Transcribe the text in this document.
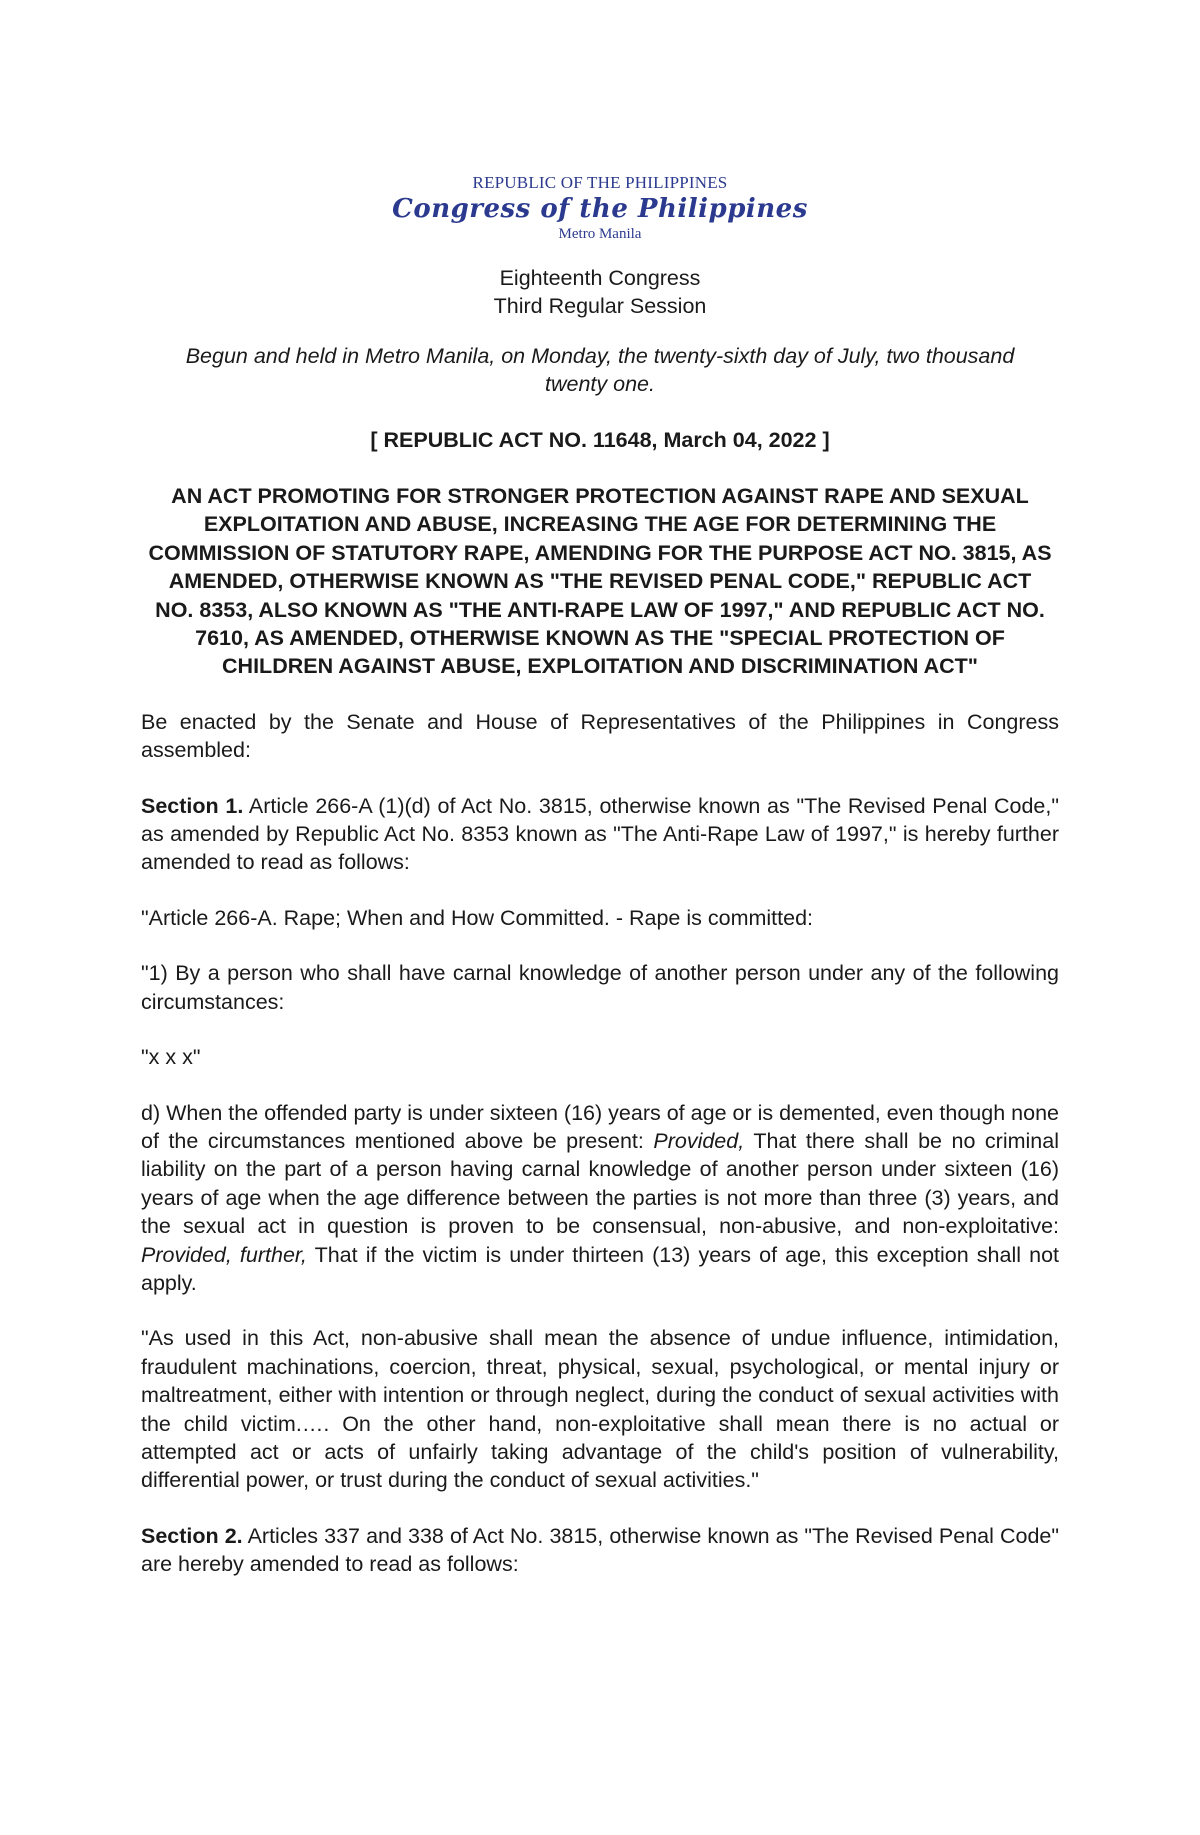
REPUBLIC OF THE PHILIPPINES
Congress of the Philippines
Metro Manila
Eighteenth Congress
Third Regular Session
Begun and held in Metro Manila, on Monday, the twenty-sixth day of July, two thousand twenty one.
[ REPUBLIC ACT NO. 11648, March 04, 2022 ]
AN ACT PROMOTING FOR STRONGER PROTECTION AGAINST RAPE AND SEXUAL EXPLOITATION AND ABUSE, INCREASING THE AGE FOR DETERMINING THE COMMISSION OF STATUTORY RAPE, AMENDING FOR THE PURPOSE ACT NO. 3815, AS AMENDED, OTHERWISE KNOWN AS "THE REVISED PENAL CODE," REPUBLIC ACT NO. 8353, ALSO KNOWN AS "THE ANTI-RAPE LAW OF 1997," AND REPUBLIC ACT NO. 7610, AS AMENDED, OTHERWISE KNOWN AS THE "SPECIAL PROTECTION OF CHILDREN AGAINST ABUSE, EXPLOITATION AND DISCRIMINATION ACT"
Be enacted by the Senate and House of Representatives of the Philippines in Congress assembled:
Section 1. Article 266-A (1)(d) of Act No. 3815, otherwise known as "The Revised Penal Code," as amended by Republic Act No. 8353 known as "The Anti-Rape Law of 1997," is hereby further amended to read as follows:
"Article 266-A. Rape; When and How Committed. - Rape is committed:
"1) By a person who shall have carnal knowledge of another person under any of the following circumstances:
"x x x"
d) When the offended party is under sixteen (16) years of age or is demented, even though none of the circumstances mentioned above be present: Provided, That there shall be no criminal liability on the part of a person having carnal knowledge of another person under sixteen (16) years of age when the age difference between the parties is not more than three (3) years, and the sexual act in question is proven to be consensual, non-abusive, and non-exploitative: Provided, further, That if the victim is under thirteen (13) years of age, this exception shall not apply.
"As used in this Act, non-abusive shall mean the absence of undue influence, intimidation, fraudulent machinations, coercion, threat, physical, sexual, psychological, or mental injury or maltreatment, either with intention or through neglect, during the conduct of sexual activities with the child victim.…. On the other hand, non-exploitative shall mean there is no actual or attempted act or acts of unfairly taking advantage of the child's position of vulnerability, differential power, or trust during the conduct of sexual activities."
Section 2. Articles 337 and 338 of Act No. 3815, otherwise known as "The Revised Penal Code" are hereby amended to read as follows:
